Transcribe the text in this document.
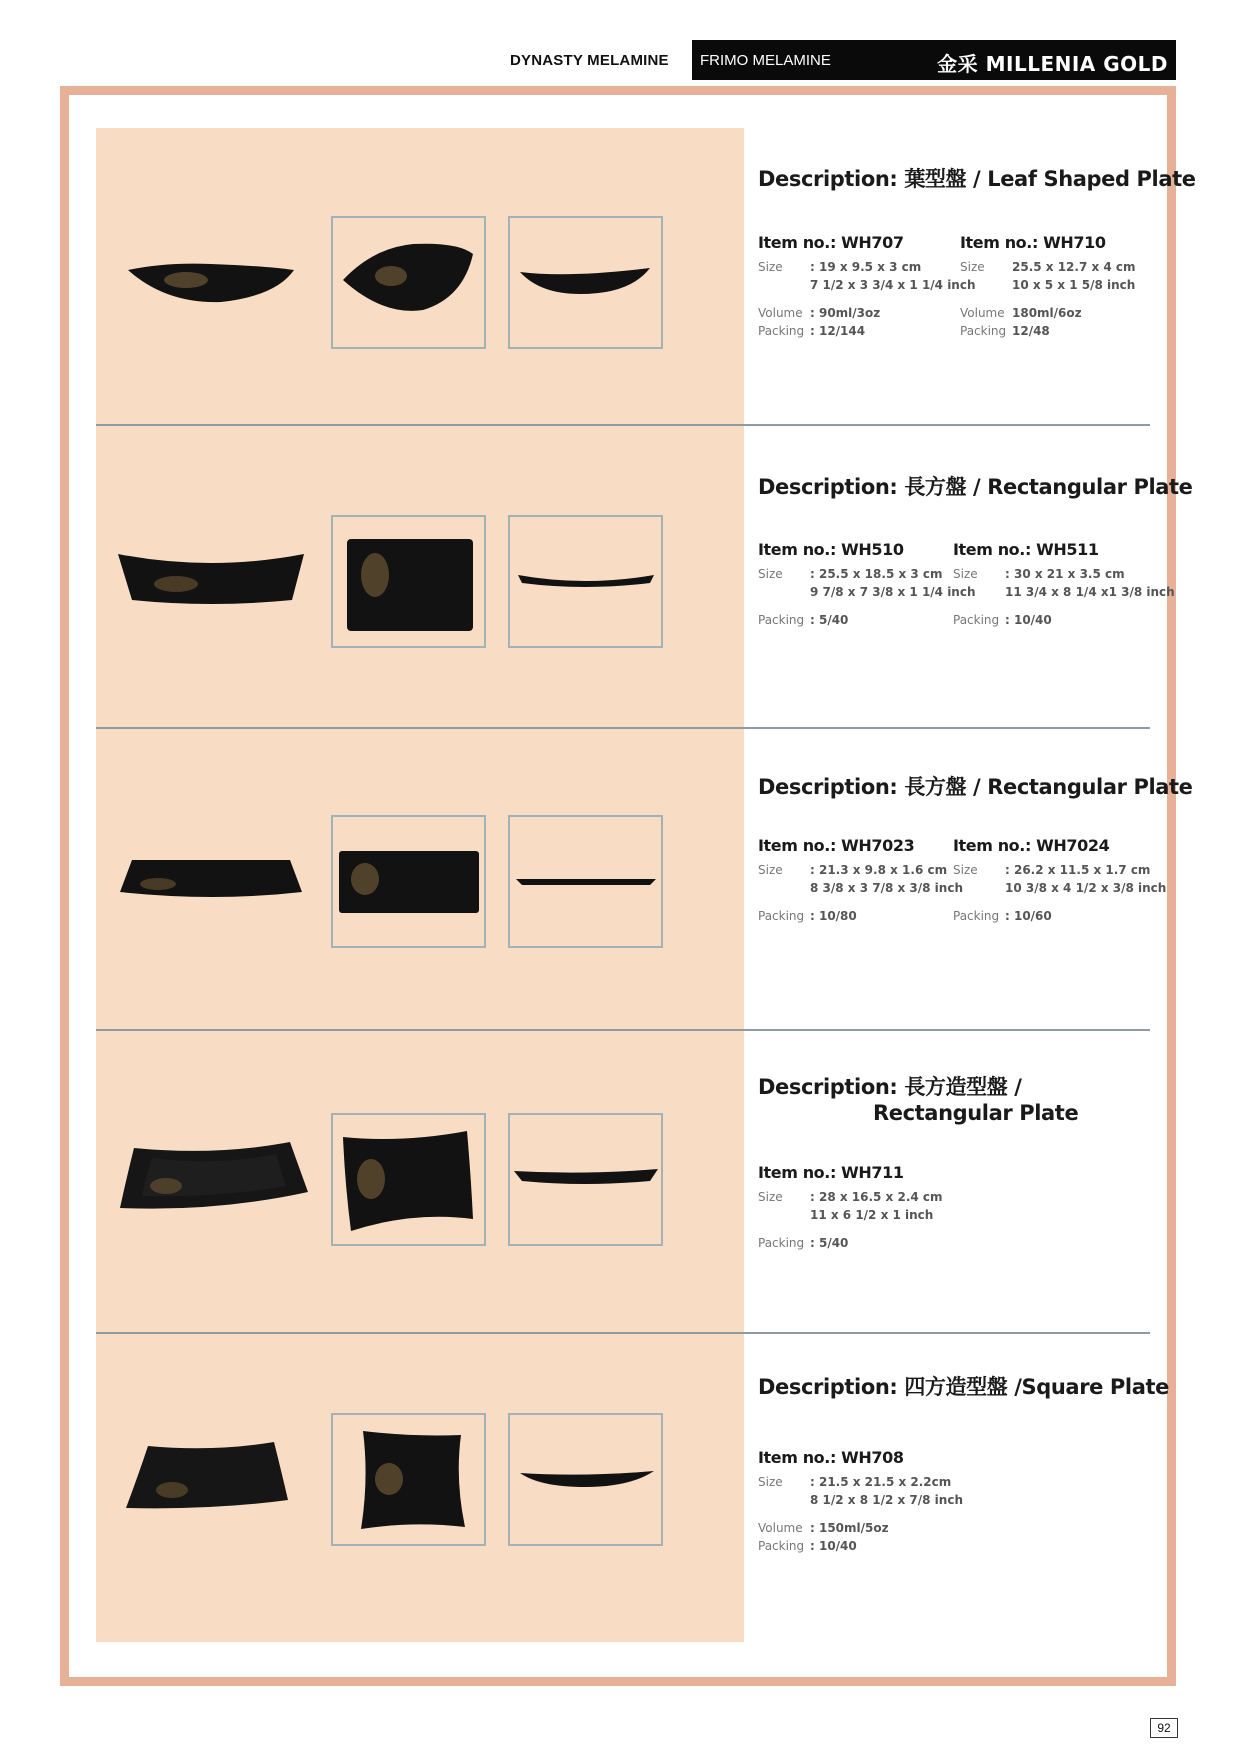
DYNASTY MELAMINE FRIMO MELAMINE	金采 MILLENIA GOLD
Description: 葉型盤 / Leaf Shaped Plate
Item no.: WH707
Size	: 19 x 9.5 x 3 cm
7 1/2 x 3 3/4 x 1 1/4 inch
Volume : 90ml/3oz
Packing : 12/144
Item no.: WH710
Size	25.5 x 12.7 x 4 cm
10 x 5 x 1 5/8 inch
Volume 180ml/6oz
Packing 12/48
Description: 長方盤 / Rectangular Plate
Item no.: WH510
Size	: 25.5 x 18.5 x 3 cm
9 7/8 x 7 3/8 x 1 1/4 inch
Packing : 5/40
Item no.: WH511
Size	: 30 x 21 x 3.5 cm
11 3/4 x 8 1/4 x1 3/8 inch
Packing : 10/40
Description: 長方盤 / Rectangular Plate
Item no.: WH7023
Size	: 21.3 x 9.8 x 1.6 cm
8 3/8 x 3 7/8 x 3/8 inch
Packing : 10/80
Item no.: WH7024
Size	: 26.2 x 11.5 x 1.7 cm
10 3/8 x 4 1/2 x 3/8 inch
Packing : 10/60
Description: 長方造型盤 /
Rectangular Plate
Item no.: WH711
Size	: 28 x 16.5 x 2.4 cm
11 x 6 1/2 x 1 inch
Packing : 5/40
Description: 四方造型盤 /Square Plate
Item no.: WH708
Size	: 21.5 x 21.5 x 2.2cm
8 1/2 x 8 1/2 x 7/8 inch
Volume : 150ml/5oz
Packing : 10/40
92
